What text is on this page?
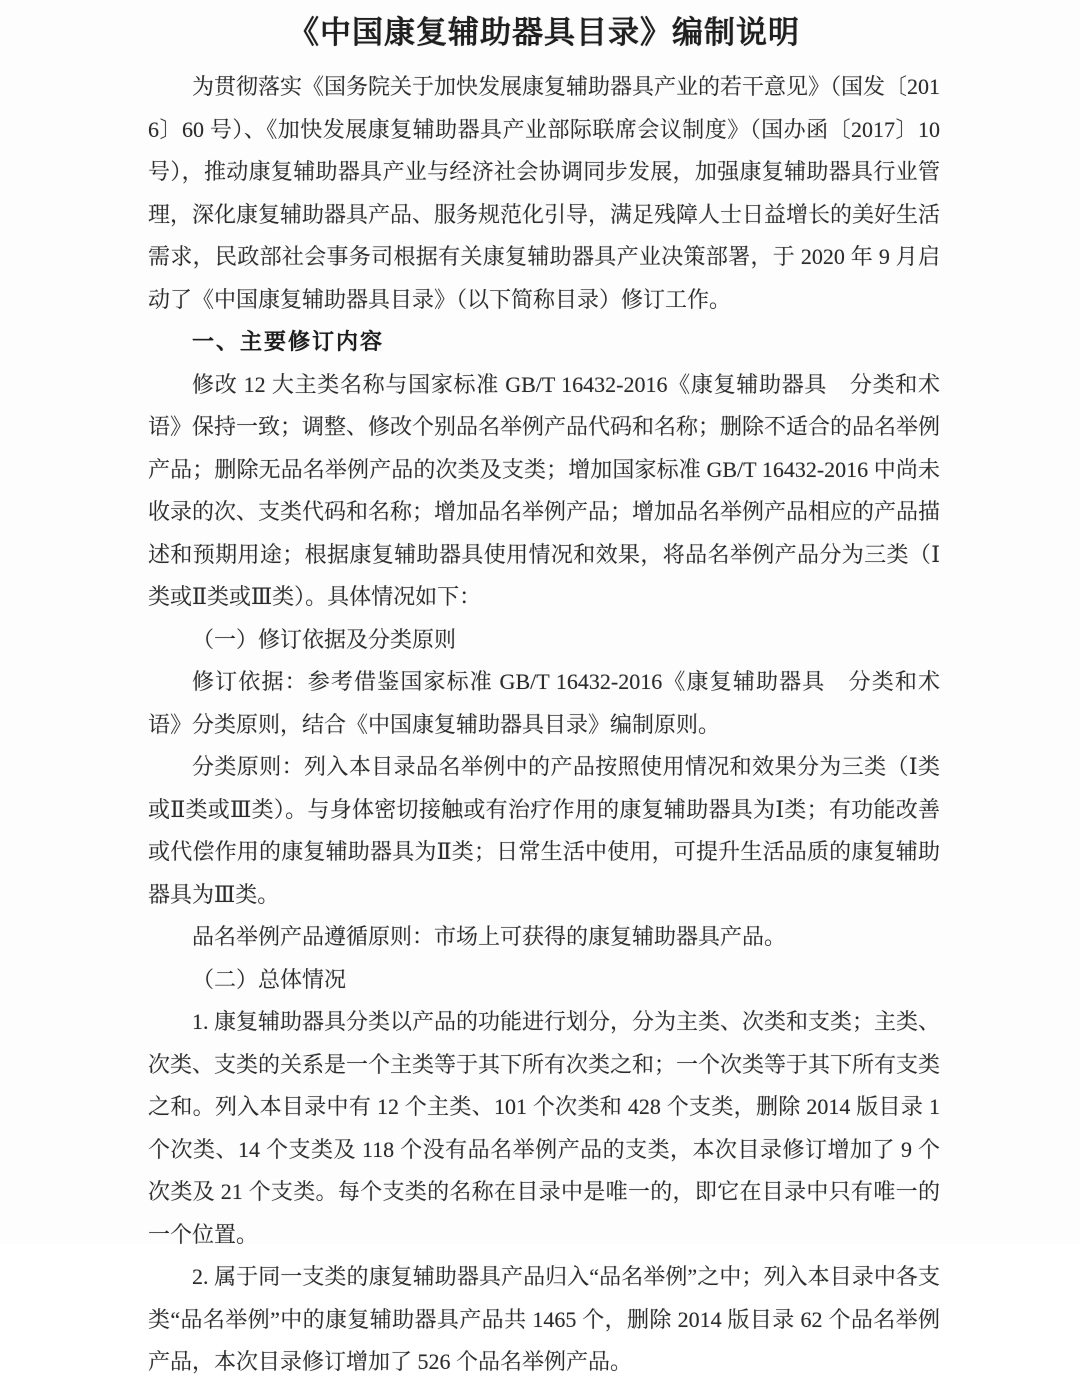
《中国康复辅助器具目录》编制说明

为贯彻落实《国务院关于加快发展康复辅助器具产业的若干意见》（国发〔2016〕60 号）、《加快发展康复辅助器具产业部际联席会议制度》（国办函〔2017〕10 号），推动康复辅助器具产业与经济社会协调同步发展，加强康复辅助器具行业管理，深化康复辅助器具产品、服务规范化引导，满足残障人士日益增长的美好生活需求，民政部社会事务司根据有关康复辅助器具产业决策部署，于 2020 年 9 月启动了《中国康复辅助器具目录》（以下简称目录）修订工作。

一、主要修订内容

修改 12 大主类名称与国家标准 GB/T 16432-2016《康复辅助器具　分类和术语》保持一致；调整、修改个别品名举例产品代码和名称；删除不适合的品名举例产品；删除无品名举例产品的次类及支类；增加国家标准 GB/T 16432-2016 中尚未收录的次、支类代码和名称；增加品名举例产品；增加品名举例产品相应的产品描述和预期用途；根据康复辅助器具使用情况和效果，将品名举例产品分为三类（Ⅰ类或Ⅱ类或Ⅲ类）。具体情况如下：

（一）修订依据及分类原则

修订依据：参考借鉴国家标准 GB/T 16432-2016《康复辅助器具　分类和术语》分类原则，结合《中国康复辅助器具目录》编制原则。

分类原则：列入本目录品名举例中的产品按照使用情况和效果分为三类（Ⅰ类或Ⅱ类或Ⅲ类）。与身体密切接触或有治疗作用的康复辅助器具为Ⅰ类；有功能改善或代偿作用的康复辅助器具为Ⅱ类；日常生活中使用，可提升生活品质的康复辅助器具为Ⅲ类。

品名举例产品遵循原则：市场上可获得的康复辅助器具产品。

（二）总体情况

1. 康复辅助器具分类以产品的功能进行划分，分为主类、次类和支类；主类、次类、支类的关系是一个主类等于其下所有次类之和；一个次类等于其下所有支类之和。列入本目录中有 12 个主类、101 个次类和 428 个支类，删除 2014 版目录 1 个次类、14 个支类及 118 个没有品名举例产品的支类，本次目录修订增加了 9 个次类及 21 个支类。每个支类的名称在目录中是唯一的，即它在目录中只有唯一的一个位置。

2. 属于同一支类的康复辅助器具产品归入“品名举例”之中；列入本目录中各支类“品名举例”中的康复辅助器具产品共 1465 个，删除 2014 版目录 62 个品名举例产品，本次目录修订增加了 526 个品名举例产品。
